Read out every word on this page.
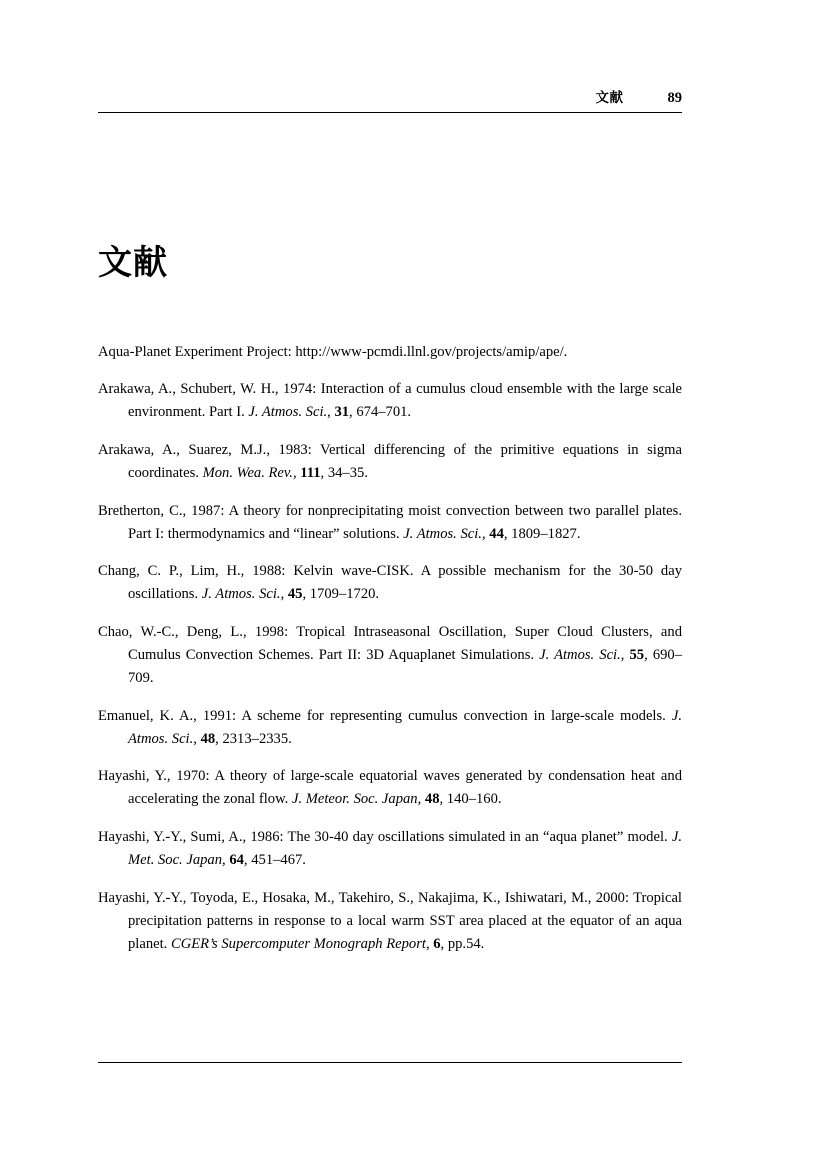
文献	89
文献

Aqua-Planet Experiment Project: http://www-pcmdi.llnl.gov/projects/amip/ape/.

Arakawa, A., Schubert, W. H., 1974: Interaction of a cumulus cloud ensemble with the large scale environment. Part I. J. Atmos. Sci., 31, 674–701.

Arakawa, A., Suarez, M.J., 1983: Vertical differencing of the primitive equations in sigma coordinates. Mon. Wea. Rev., 111, 34–35.

Bretherton, C., 1987: A theory for nonprecipitating moist convection between two parallel plates. Part I: thermodynamics and “linear” solutions. J. Atmos. Sci., 44, 1809–1827.

Chang, C. P., Lim, H., 1988: Kelvin wave-CISK. A possible mechanism for the 30-50 day oscillations. J. Atmos. Sci., 45, 1709–1720.

Chao, W.-C., Deng, L., 1998: Tropical Intraseasonal Oscillation, Super Cloud Clusters, and Cumulus Convection Schemes. Part II: 3D Aquaplanet Simulations. J. Atmos. Sci., 55, 690–709.

Emanuel, K. A., 1991: A scheme for representing cumulus convection in large-scale models. J. Atmos. Sci., 48, 2313–2335.

Hayashi, Y., 1970: A theory of large-scale equatorial waves generated by condensation heat and accelerating the zonal flow. J. Meteor. Soc. Japan, 48, 140–160.

Hayashi, Y.-Y., Sumi, A., 1986: The 30-40 day oscillations simulated in an “aqua planet” model. J. Met. Soc. Japan, 64, 451–467.

Hayashi, Y.-Y., Toyoda, E., Hosaka, M., Takehiro, S., Nakajima, K., Ishiwatari, M., 2000: Tropical precipitation patterns in response to a local warm SST area placed at the equator of an aqua planet. CGER’s Supercomputer Monograph Report, 6, pp.54.
